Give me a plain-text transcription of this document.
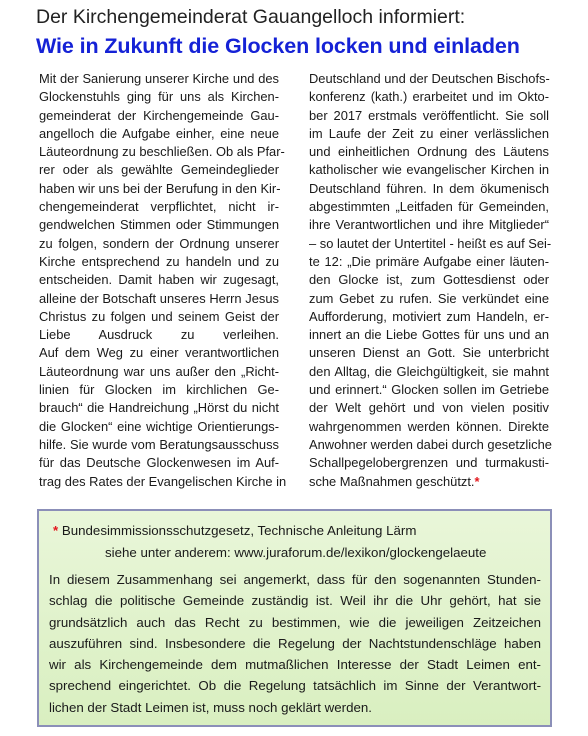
Der Kirchengemeinderat Gauangelloch informiert:
Wie in Zukunft die Glocken locken und einladen
Mit der Sanierung unserer Kirche und des
Glockenstuhls ging für uns als Kirchen-
gemeinderat der Kirchengemeinde Gau-
angelloch die Aufgabe einher, eine neue
Läuteordnung zu beschließen. Ob als Pfar-
rer oder als gewählte Gemeindeglieder
haben wir uns bei der Berufung in den Kir-
chengemeinderat verpflichtet, nicht ir-
gendwelchen Stimmen oder Stimmungen
zu folgen, sondern der Ordnung unserer
Kirche entsprechend zu handeln und zu
entscheiden. Damit haben wir zugesagt,
alleine der Botschaft unseres Herrn Jesus
Christus zu folgen und seinem Geist der
Liebe Ausdruck zu verleihen.
Auf dem Weg zu einer verantwortlichen
Läuteordnung war uns außer den „Richt-
linien für Glocken im kirchlichen Ge-
brauch“ die Handreichung „Hörst du nicht
die Glocken“ eine wichtige Orientierungs-
hilfe. Sie wurde vom Beratungsausschuss
für das Deutsche Glockenwesen im Auf-
trag des Rates der Evangelischen Kirche in
Deutschland und der Deutschen Bischofs-
konferenz (kath.) erarbeitet und im Okto-
ber 2017 erstmals veröffentlicht. Sie soll
im Laufe der Zeit zu einer verlässlichen
und einheitlichen Ordnung des Läutens
katholischer wie evangelischer Kirchen in
Deutschland führen. In dem ökumenisch
abgestimmten „Leitfaden für Gemeinden,
ihre Verantwortlichen und ihre Mitglieder“
– so lautet der Untertitel - heißt es auf Sei-
te 12: „Die primäre Aufgabe einer läuten-
den Glocke ist, zum Gottesdienst oder
zum Gebet zu rufen. Sie verkündet eine
Aufforderung, motiviert zum Handeln, er-
innert an die Liebe Gottes für uns und an
unseren Dienst an Gott. Sie unterbricht
den Alltag, die Gleichgültigkeit, sie mahnt
und erinnert.“ Glocken sollen im Getriebe
der Welt gehört und von vielen positiv
wahrgenommen werden können. Direkte
Anwohner werden dabei durch gesetzliche
Schallpegelobergrenzen und turmakusti-
sche Maßnahmen geschützt.*
* Bundesimmissionsschutzgesetz, Technische Anleitung Lärm
siehe unter anderem: www.juraforum.de/lexikon/glockengelaeute
In diesem Zusammenhang sei angemerkt, dass für den sogenannten Stunden-
schlag die politische Gemeinde zuständig ist. Weil ihr die Uhr gehört, hat sie
grundsätzlich auch das Recht zu bestimmen, wie die jeweiligen Zeitzeichen
auszuführen sind. Insbesondere die Regelung der Nachtstundenschläge haben
wir als Kirchengemeinde dem mutmaßlichen Interesse der Stadt Leimen ent-
sprechend eingerichtet. Ob die Regelung tatsächlich im Sinne der Verantwort-
lichen der Stadt Leimen ist, muss noch geklärt werden.
